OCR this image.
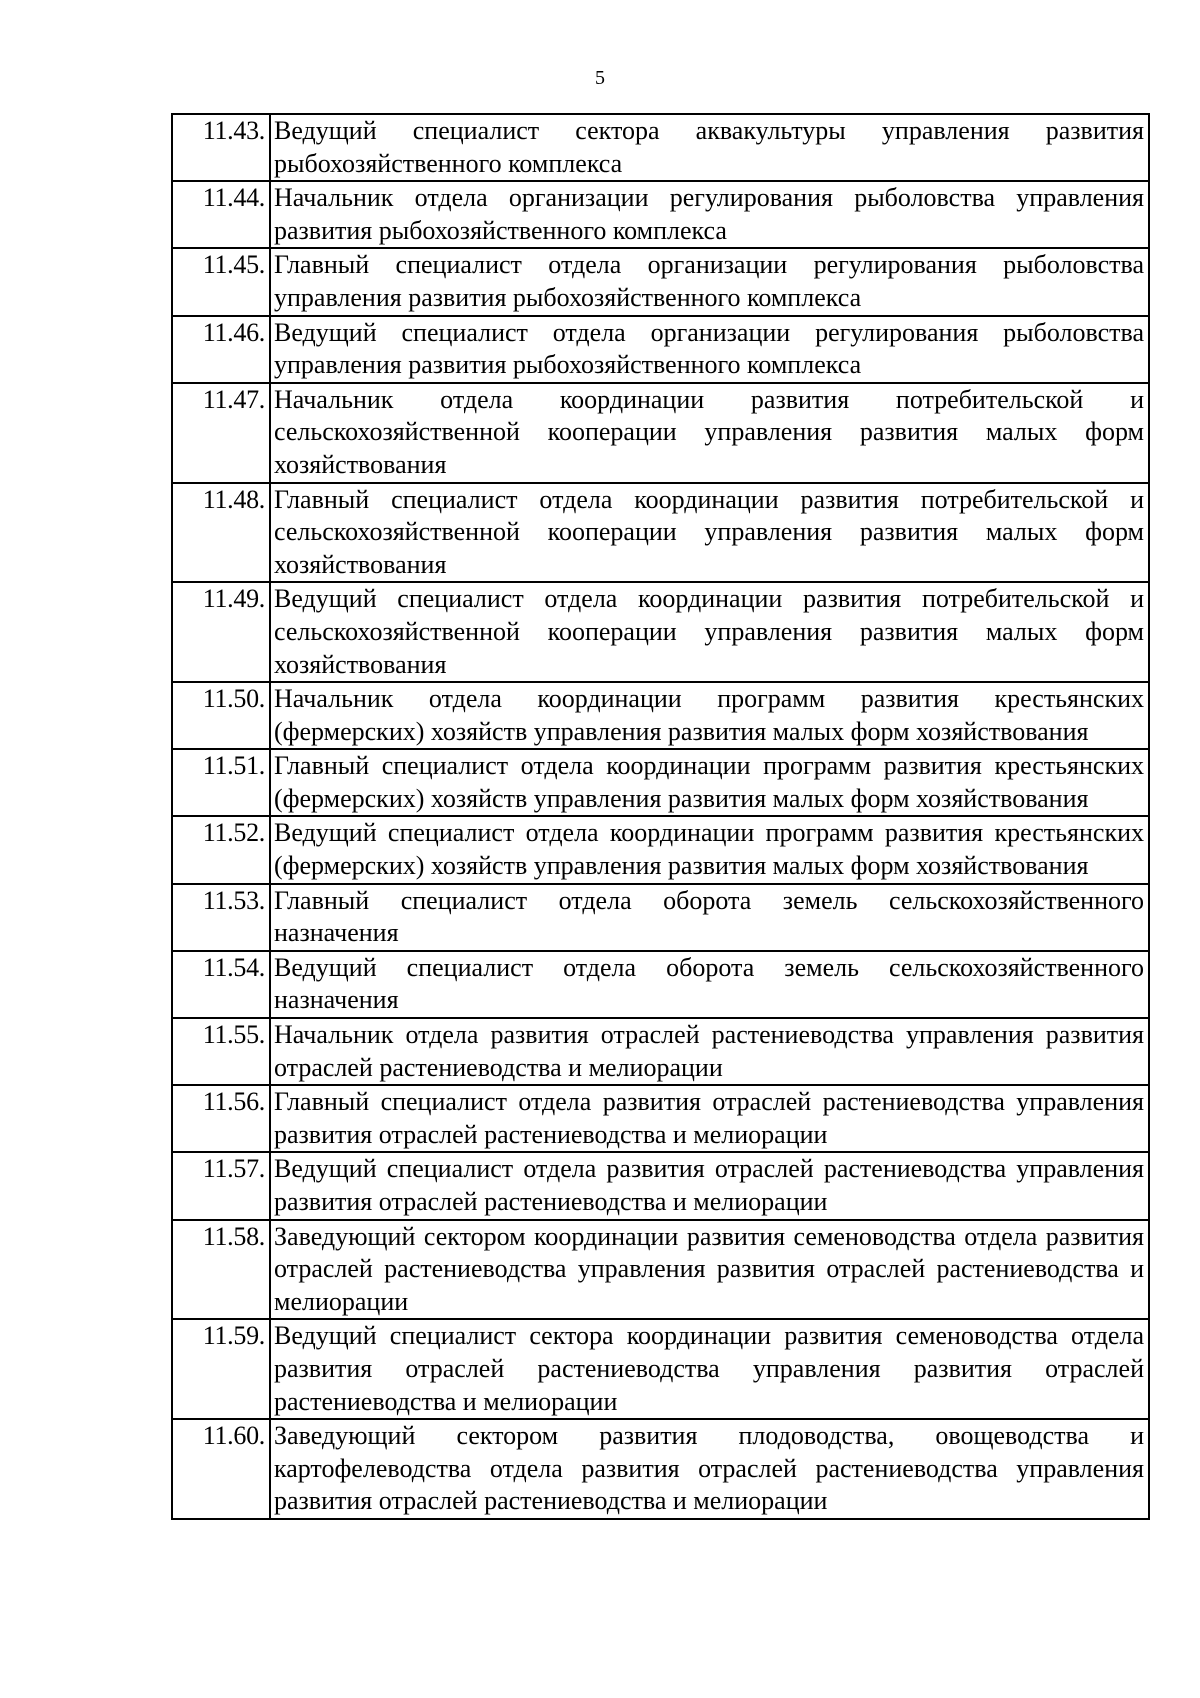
5
11.43.	Ведущий специалист сектора аквакультуры управления развития рыбохозяйственного комплекса
11.44.	Начальник отдела организации регулирования рыболовства управления развития рыбохозяйственного комплекса
11.45.	Главный специалист отдела организации регулирования рыболовства управления развития рыбохозяйственного комплекса
11.46.	Ведущий специалист отдела организации регулирования рыболовства управления развития рыбохозяйственного комплекса
11.47.	Начальник отдела координации развития потребительской и сельскохозяйственной кооперации управления развития малых форм хозяйствования
11.48.	Главный специалист отдела координации развития потребительской и сельскохозяйственной кооперации управления развития малых форм хозяйствования
11.49.	Ведущий специалист отдела координации развития потребительской и сельскохозяйственной кооперации управления развития малых форм хозяйствования
11.50.	Начальник отдела координации программ развития крестьянских (фермерских) хозяйств управления развития малых форм хозяйствования
11.51.	Главный специалист отдела координации программ развития крестьянских (фермерских) хозяйств управления развития малых форм хозяйствования
11.52.	Ведущий специалист отдела координации программ развития крестьянских (фермерских) хозяйств управления развития малых форм хозяйствования
11.53.	Главный специалист отдела оборота земель сельскохозяйственного назначения
11.54.	Ведущий специалист отдела оборота земель сельскохозяйственного назначения
11.55.	Начальник отдела развития отраслей растениеводства управления развития отраслей растениеводства и мелиорации
11.56.	Главный специалист отдела развития отраслей растениеводства управления развития отраслей растениеводства и мелиорации
11.57.	Ведущий специалист отдела развития отраслей растениеводства управления развития отраслей растениеводства и мелиорации
11.58.	Заведующий сектором координации развития семеноводства отдела развития отраслей растениеводства управления развития отраслей растениеводства и мелиорации
11.59.	Ведущий специалист сектора координации развития семеноводства отдела развития отраслей растениеводства управления развития отраслей растениеводства и мелиорации
11.60.	Заведующий сектором развития плодоводства, овощеводства и картофелеводства отдела развития отраслей растениеводства управления развития отраслей растениеводства и мелиорации
